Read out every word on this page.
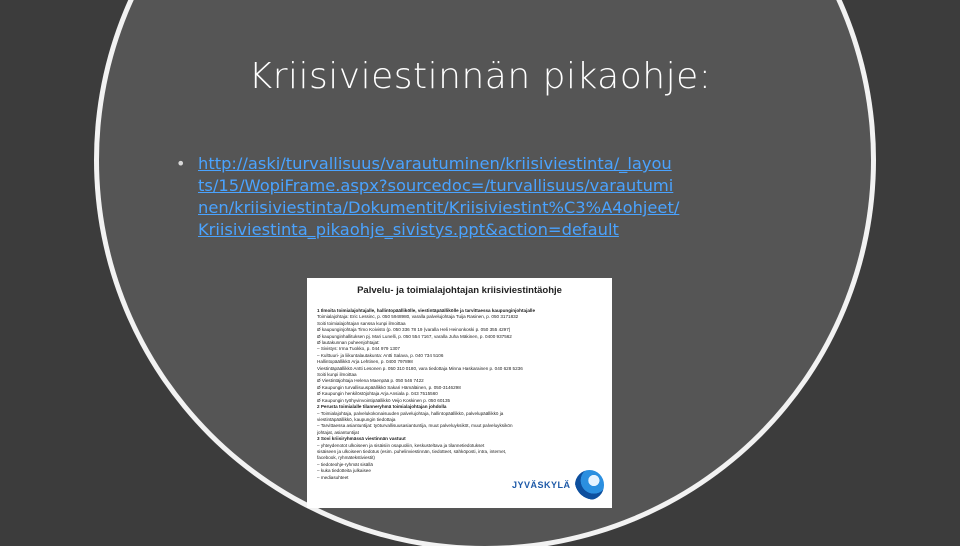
Kriisiviestinnän pikaohje:
• http://aski/turvallisuus/varautuminen/kriisiviestinta/_layou
ts/15/WopiFrame.aspx?sourcedoc=/turvallisuus/varautumi
nen/kriisiviestinta/Dokumentit/Kriisiviestint%C3%A4ohjeet/
Kriisiviestinta_pikaohje_sivistys.ppt&action=default
Palvelu- ja toimialajohtajan kriisiviestintäohje
1 Ilmoita toimialajohtajalle, hallintopäällikölle, viestintäpäällikölle ja tarvittaessa kaupunginjohtajalle
Toimialajohtaja: Eric Lessinc, p. 050 5948980, varalla palvelujohtaja Tuija Rasinen, p. 050 3171832
Soiti toimialajohtajan sanssa kunpi ilmoittaa
Ø kaupunginjohtaja Timo Koivisto (p. 050 336 78 19 (varalla Heli Heinonkoski p. 050 355 4297)
Ø kaupunginhallituksen pj. Mari Lunelli, p. 050 554 7167, varalla Juha Mäkinen, p. 0400 937562
Ø lautakunnan puheenjohtajat:
– Sivistys: Irma Tuokko, p. 044 979 1307
– Kulttuuri- ja liikuntalautakunta: Antti Salava, p. 040 734 5106
Hallintopäällikkö Arja Lehtinen, p. 0400 797898
Viestintäpäällikkö Antti Lesonen p. 050 310 0180, vara tiedottaja Minna Haskarainen p. 040 628 5236
Soiti kunpi ilmoittaa
Ø Viestintäjohtaja Helena Maenpää p. 050 546 7422
Ø Kaupungin turvallisuuspäällikkö Sakari Hämäläinen, p. 050-3146298
Ø Kaupungin henkilöstöjohtaja Arja Ansiala p. 043 7515560
Ø Kaupungin työhyvinvointipäällikkö Veijo Koskinen p. 050 60135
2 Perusta toimialalle tilanneryhmä toimialajohtajan johdolla
– Toimialajohtaja, palvelukokonaisuuden palvelujohtaja, hallintopäällikkö, palvelupäällikkö ja
viestintäpäällikkö, kaupungin tiedottaja
– Tarvittaessa asiantuntijat: työturvallisuusasiantuntija, muut palveluyksiköt, muut palveluyksikön
johtajat, asiantuntijat
3 Sovi kriisiryhmässä viestinnän vastuut
– yhteydenotot ulkoiseen ja sisäisiin osapuoliin, keskusteltava ja tilannetiedotukset
sisäiseen ja ulkoiseen tiedotus (esim. puhelinviestinnän, tiedotteet, sähköposti, intra, internet,
facebook, ryhmätekstiviestit)
– tiedoteohje-ryhmät sisällä
– kuka tiedotteita julkaisee
– mediasuhteet
JYVÄSKYLÄ
